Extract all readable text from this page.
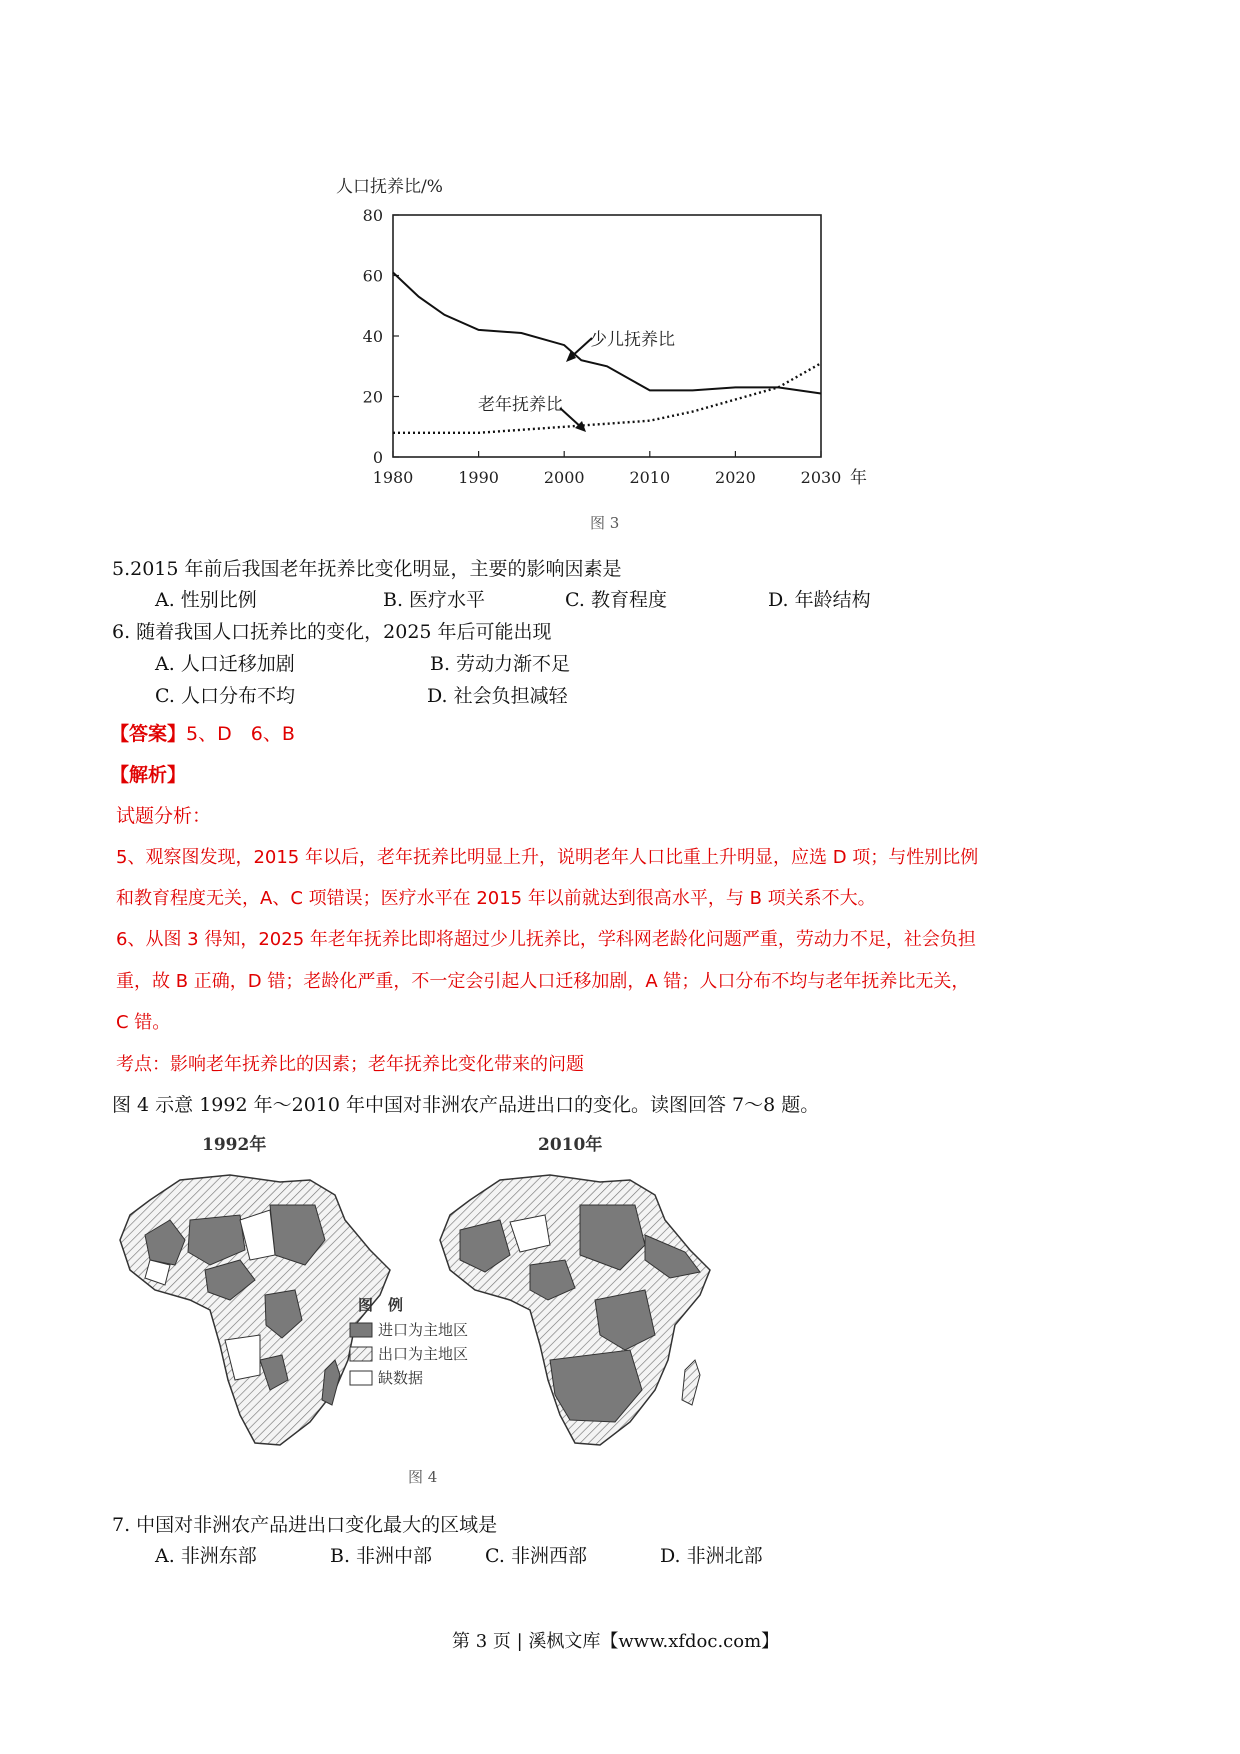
人口抚养比/%
0
20
40
60
80
1980	1990	2000	2010	2020	2030 年
少儿抚养比
老年抚养比
图 3
5.2015 年前后我国老年抚养比变化明显，主要的影响因素是
A. 性别比例	B. 医疗水平	C. 教育程度	D. 年龄结构
6. 随着我国人口抚养比的变化，2025 年后可能出现
A. 人口迁移加剧	B. 劳动力渐不足
C. 人口分布不均	D. 社会负担减轻
【答案】5、D　6、B
【解析】
试题分析：
5、观察图发现，2015 年以后，老年抚养比明显上升，说明老年人口比重上升明显，应选 D 项；与性别比例
和教育程度无关，A、C 项错误；医疗水平在 2015 年以前就达到很高水平，与 B 项关系不大。
6、从图 3 得知，2025 年老年抚养比即将超过少儿抚养比，学科网老龄化问题严重，劳动力不足，社会负担
重，故 B 正确，D 错；老龄化严重，不一定会引起人口迁移加剧，A 错；人口分布不均与老年抚养比无关，
C 错。
考点：影响老年抚养比的因素；老年抚养比变化带来的问题
图 4 示意 1992 年～2010 年中国对非洲农产品进出口的变化。读图回答 7～8 题。
1992年	2010年
图　例
进口为主地区
出口为主地区
缺数据
图 4
7. 中国对非洲农产品进出口变化最大的区域是
A. 非洲东部	B. 非洲中部	C. 非洲西部	D. 非洲北部
第 3 页 | 溪枫文库【www.xfdoc.com】
